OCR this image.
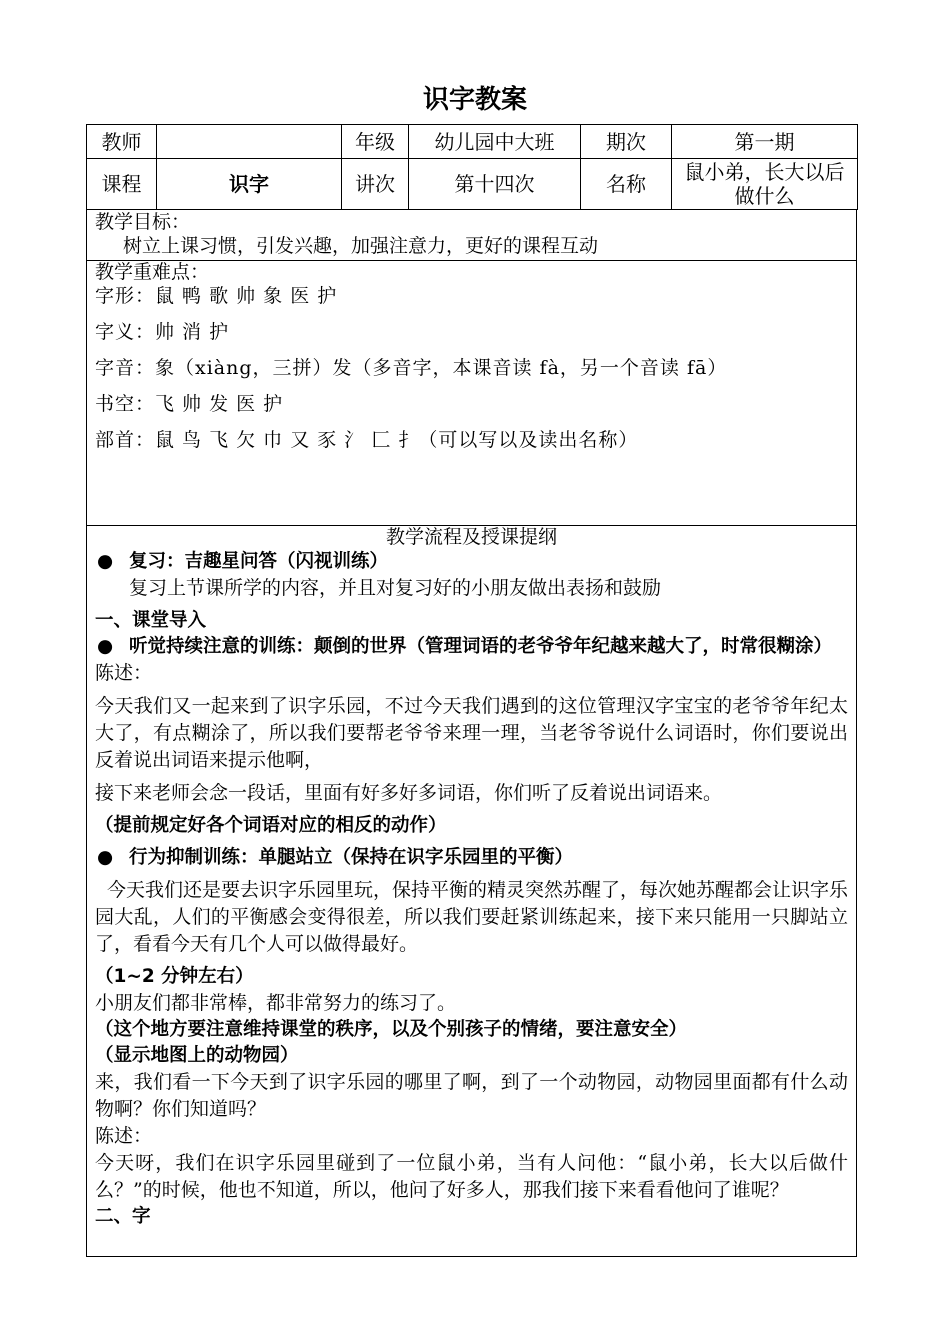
识字教案
教师		年级	幼儿园中大班	期次	第一期
课程	识字	讲次	第十四次	名称	鼠小弟，长大以后做什么
教学目标：
树立上课习惯，引发兴趣，加强注意力，更好的课程互动
教学重难点：
字形：鼠 鸭 歌 帅 象 医 护
字义：帅 消 护
字音：象（xiàng，三拼）发（多音字，本课音读 fà，另一个音读 fā）
书空：飞 帅 发 医 护
部首：鼠 鸟 飞 欠 巾 又 豕 氵 匚 扌（可以写以及读出名称）
教学流程及授课提纲
● 复习：吉趣星问答（闪视训练）
复习上节课所学的内容，并且对复习好的小朋友做出表扬和鼓励
一、课堂导入
● 听觉持续注意的训练：颠倒的世界（管理词语的老爷爷年纪越来越大了，时常很糊涂）
陈述：
今天我们又一起来到了识字乐园，不过今天我们遇到的这位管理汉字宝宝的老爷爷年纪太大了，有点糊涂了，所以我们要帮老爷爷来理一理，当老爷爷说什么词语时，你们要说出反着说出词语来提示他啊，
接下来老师会念一段话，里面有好多好多词语，你们听了反着说出词语来。
（提前规定好各个词语对应的相反的动作）
● 行为抑制训练：单腿站立（保持在识字乐园里的平衡）
今天我们还是要去识字乐园里玩，保持平衡的精灵突然苏醒了，每次她苏醒都会让识字乐园大乱，人们的平衡感会变得很差，所以我们要赶紧训练起来，接下来只能用一只脚站立了，看看今天有几个人可以做得最好。
（1~2 分钟左右）
小朋友们都非常棒，都非常努力的练习了。
（这个地方要注意维持课堂的秩序，以及个别孩子的情绪，要注意安全）
（显示地图上的动物园）
来，我们看一下今天到了识字乐园的哪里了啊，到了一个动物园，动物园里面都有什么动物啊？你们知道吗？
陈述：
今天呀，我们在识字乐园里碰到了一位鼠小弟，当有人问他：“鼠小弟，长大以后做什么？”的时候，他也不知道，所以，他问了好多人，那我们接下来看看他问了谁呢？
二、字
